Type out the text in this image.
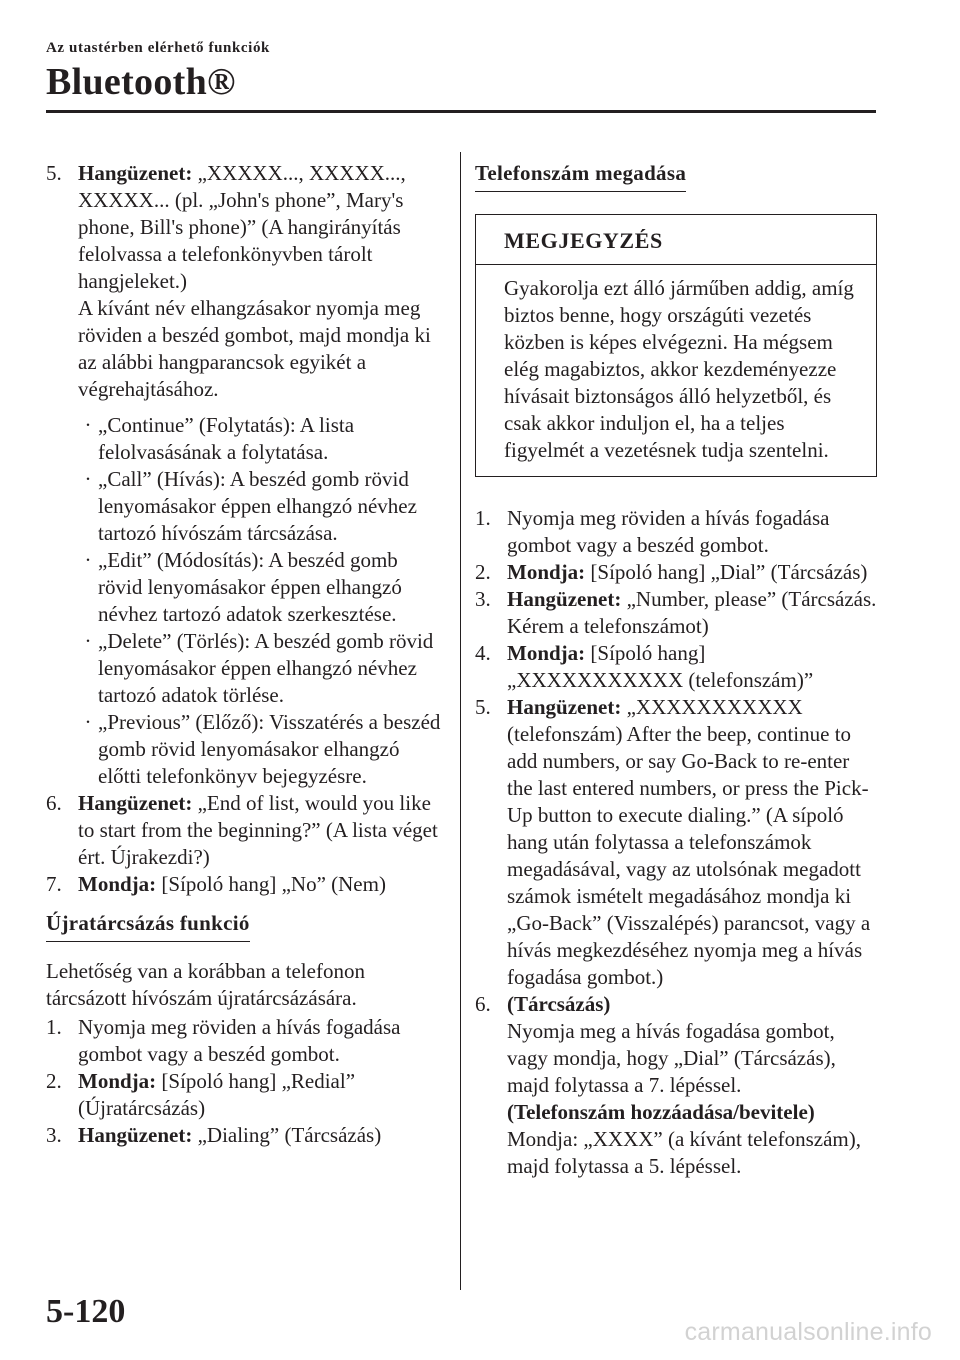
Az utastérben elérhető funkciók
Bluetooth®
5. Hangüzenet: „XXXXX..., XXXXX..., XXXXX... (pl. „John's phone”, Mary's phone, Bill's phone)” (A hangirányítás felolvassa a telefonkönyvben tárolt hangjeleket.)
A kívánt név elhangzásakor nyomja meg röviden a beszéd gombot, majd mondja ki az alábbi hangparancsok egyikét a végrehajtásához.
· „Continue” (Folytatás): A lista felolvasásának a folytatása.
· „Call” (Hívás): A beszéd gomb rövid lenyomásakor éppen elhangzó névhez tartozó hívószám tárcsázása.
· „Edit” (Módosítás): A beszéd gomb rövid lenyomásakor éppen elhangzó névhez tartozó adatok szerkesztése.
· „Delete” (Törlés): A beszéd gomb rövid lenyomásakor éppen elhangzó névhez tartozó adatok törlése.
· „Previous” (Előző): Visszatérés a beszéd gomb rövid lenyomásakor elhangzó előtti telefonkönyv bejegyzésre.
6. Hangüzenet: „End of list, would you like to start from the beginning?” (A lista véget ért. Újrakezdi?)
7. Mondja: [Sípoló hang] „No” (Nem)
Újratárcsázás funkció
Lehetőség van a korábban a telefonon tárcsázott hívószám újratárcsázására.
1. Nyomja meg röviden a hívás fogadása gombot vagy a beszéd gombot.
2. Mondja: [Sípoló hang] „Redial” (Újratárcsázás)
3. Hangüzenet: „Dialing” (Tárcsázás)
Telefonszám megadása
MEGJEGYZÉS
Gyakorolja ezt álló járműben addig, amíg biztos benne, hogy országúti vezetés közben is képes elvégezni. Ha mégsem elég magabiztos, akkor kezdeményezze hívásait biztonságos álló helyzetből, és csak akkor induljon el, ha a teljes figyelmét a vezetésnek tudja szentelni.
1. Nyomja meg röviden a hívás fogadása gombot vagy a beszéd gombot.
2. Mondja: [Sípoló hang] „Dial” (Tárcsázás)
3. Hangüzenet: „Number, please” (Tárcsázás. Kérem a telefonszámot)
4. Mondja: [Sípoló hang] „XXXXXXXXXXX (telefonszám)”
5. Hangüzenet: „XXXXXXXXXXX (telefonszám) After the beep, continue to add numbers, or say Go-Back to re-enter the last entered numbers, or press the Pick-Up button to execute dialing.” (A sípoló hang után folytassa a telefonszámok megadásával, vagy az utolsónak megadott számok ismételt megadásához mondja ki „Go-Back” (Visszalépés) parancsot, vagy a hívás megkezdéséhez nyomja meg a hívás fogadása gombot.)
6. (Tárcsázás)
Nyomja meg a hívás fogadása gombot, vagy mondja, hogy „Dial” (Tárcsázás), majd folytassa a 7. lépéssel.
(Telefonszám hozzáadása/bevitele)
Mondja: „XXXX” (a kívánt telefonszám), majd folytassa a 5. lépéssel.
5-120
carmanualsonline.info
